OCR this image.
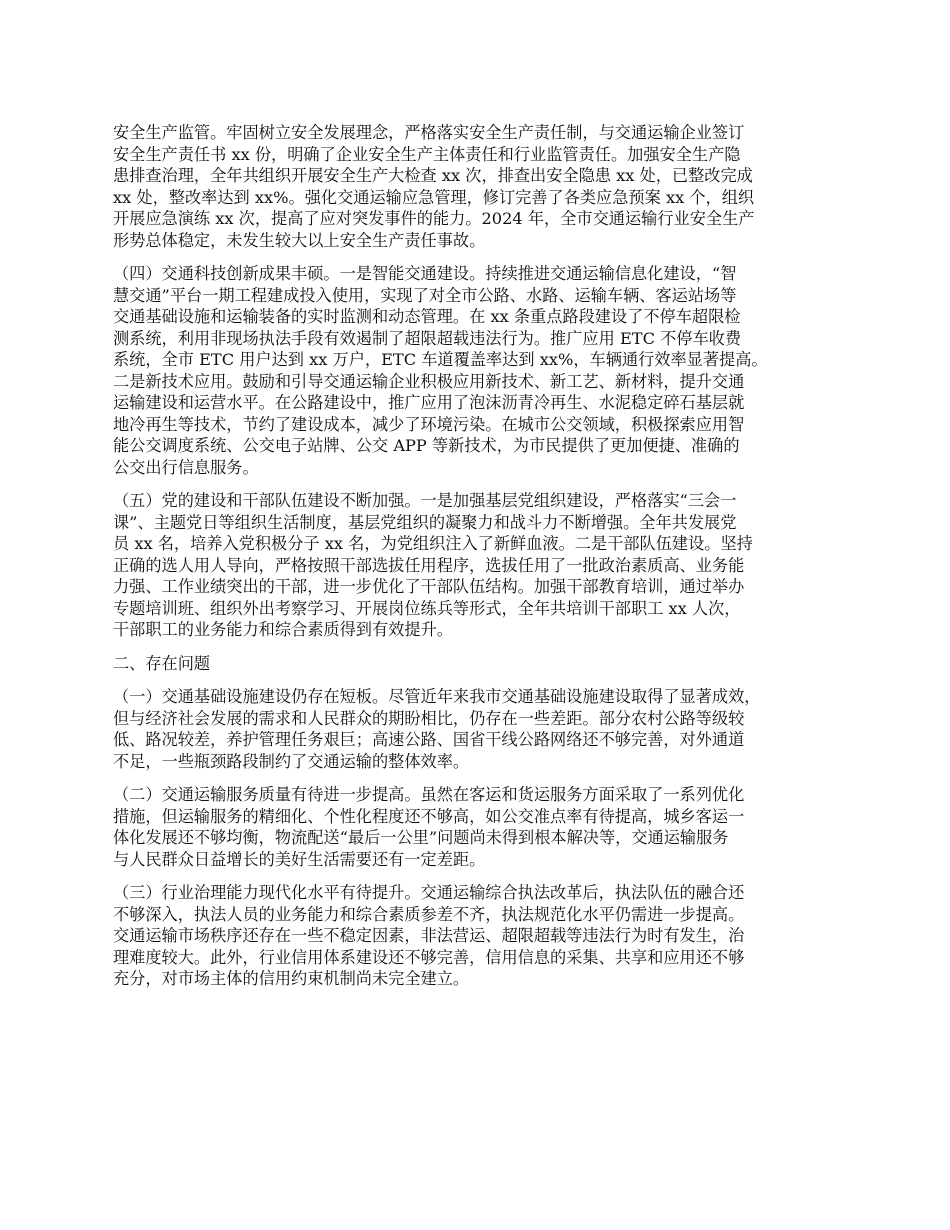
安全生产监管。牢固树立安全发展理念，严格落实安全生产责任制，与交通运输企业签订
安全生产责任书 xx 份，明确了企业安全生产主体责任和行业监管责任。加强安全生产隐
患排查治理，全年共组织开展安全生产大检查 xx 次，排查出安全隐患 xx 处，已整改完成
xx 处，整改率达到 xx%。强化交通运输应急管理，修订完善了各类应急预案 xx 个，组织
开展应急演练 xx 次，提高了应对突发事件的能力。2024 年，全市交通运输行业安全生产
形势总体稳定，未发生较大以上安全生产责任事故。

（四）交通科技创新成果丰硕。一是智能交通建设。持续推进交通运输信息化建设，“智
慧交通”平台一期工程建成投入使用，实现了对全市公路、水路、运输车辆、客运站场等
交通基础设施和运输装备的实时监测和动态管理。在 xx 条重点路段建设了不停车超限检
测系统，利用非现场执法手段有效遏制了超限超载违法行为。推广应用 ETC 不停车收费
系统，全市 ETC 用户达到 xx 万户，ETC 车道覆盖率达到 xx%，车辆通行效率显著提高。
二是新技术应用。鼓励和引导交通运输企业积极应用新技术、新工艺、新材料，提升交通
运输建设和运营水平。在公路建设中，推广应用了泡沫沥青冷再生、水泥稳定碎石基层就
地冷再生等技术，节约了建设成本，减少了环境污染。在城市公交领域，积极探索应用智
能公交调度系统、公交电子站牌、公交 APP 等新技术，为市民提供了更加便捷、准确的
公交出行信息服务。

（五）党的建设和干部队伍建设不断加强。一是加强基层党组织建设，严格落实“三会一
课”、主题党日等组织生活制度，基层党组织的凝聚力和战斗力不断增强。全年共发展党
员 xx 名，培养入党积极分子 xx 名，为党组织注入了新鲜血液。二是干部队伍建设。坚持
正确的选人用人导向，严格按照干部选拔任用程序，选拔任用了一批政治素质高、业务能
力强、工作业绩突出的干部，进一步优化了干部队伍结构。加强干部教育培训，通过举办
专题培训班、组织外出考察学习、开展岗位练兵等形式，全年共培训干部职工 xx 人次，
干部职工的业务能力和综合素质得到有效提升。

二、存在问题

（一）交通基础设施建设仍存在短板。尽管近年来我市交通基础设施建设取得了显著成效，
但与经济社会发展的需求和人民群众的期盼相比，仍存在一些差距。部分农村公路等级较
低、路况较差，养护管理任务艰巨；高速公路、国省干线公路网络还不够完善，对外通道
不足，一些瓶颈路段制约了交通运输的整体效率。

（二）交通运输服务质量有待进一步提高。虽然在客运和货运服务方面采取了一系列优化
措施，但运输服务的精细化、个性化程度还不够高，如公交准点率有待提高，城乡客运一
体化发展还不够均衡，物流配送“最后一公里”问题尚未得到根本解决等，交通运输服务
与人民群众日益增长的美好生活需要还有一定差距。

（三）行业治理能力现代化水平有待提升。交通运输综合执法改革后，执法队伍的融合还
不够深入，执法人员的业务能力和综合素质参差不齐，执法规范化水平仍需进一步提高。
交通运输市场秩序还存在一些不稳定因素，非法营运、超限超载等违法行为时有发生，治
理难度较大。此外，行业信用体系建设还不够完善，信用信息的采集、共享和应用还不够
充分，对市场主体的信用约束机制尚未完全建立。
